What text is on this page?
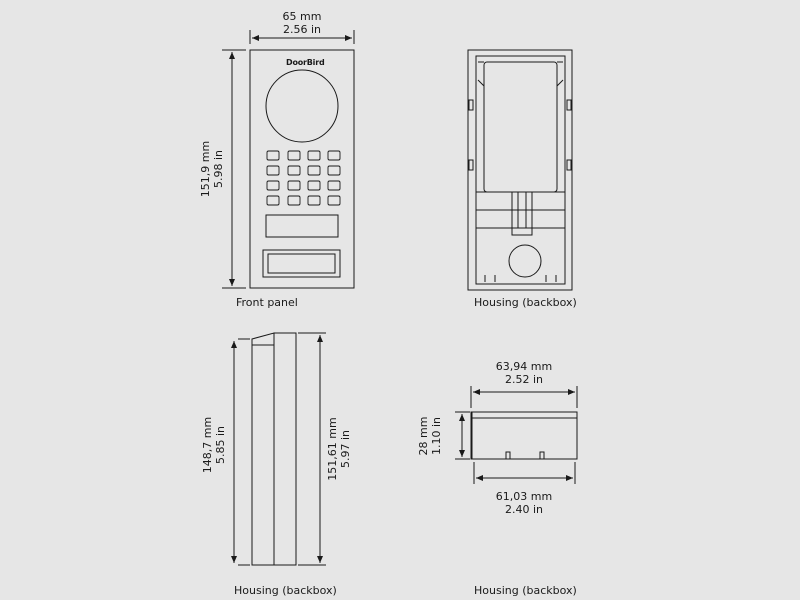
DoorBird
65 mm
2.56 in
151,9 mm 5.98 in
Front panel	Housing (backbox)
148,7 mm 5.85 in	151,61 mm 5.97 in
Housing (backbox)
63,94 mm
2.52 in
28 mm 1.10 in
61,03 mm
2.40 in
Housing (backbox)
